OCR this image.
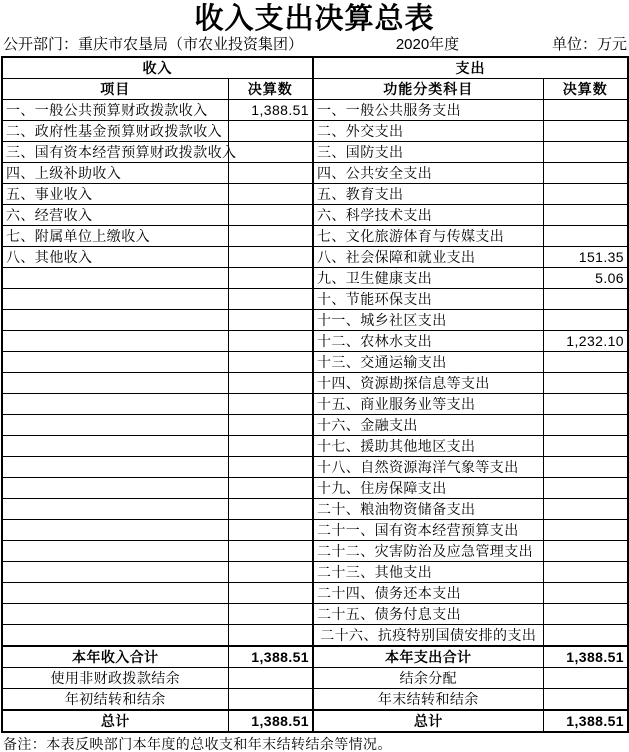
收入支出决算总表
公开部门：重庆市农垦局（市农业投资集团）	2020年度	单位：万元
收入		支出	
项目	决算数	功能分类科目	决算数
一、一般公共预算财政拨款收入	1,388.51	一、一般公共服务支出	
二、政府性基金预算财政拨款收入		二、外交支出	
三、国有资本经营预算财政拨款收入		三、国防支出	
四、上级补助收入		四、公共安全支出	
五、事业收入		五、教育支出	
六、经营收入		六、科学技术支出	
七、附属单位上缴收入		七、文化旅游体育与传媒支出	
八、其他收入		八、社会保障和就业支出	151.35
		九、卫生健康支出	5.06
		十、节能环保支出	
		十一、城乡社区支出	
		十二、农林水支出	1,232.10
		十三、交通运输支出	
		十四、资源勘探信息等支出	
		十五、商业服务业等支出	
		十六、金融支出	
		十七、援助其他地区支出	
		十八、自然资源海洋气象等支出	
		十九、住房保障支出	
		二十、粮油物资储备支出	
		二十一、国有资本经营预算支出	
		二十二、灾害防治及应急管理支出	
		二十三、其他支出	
		二十四、债务还本支出	
		二十五、债务付息支出	
		二十六、抗疫特别国债安排的支出	
本年收入合计	1,388.51	本年支出合计	1,388.51
使用非财政拨款结余		结余分配	
年初结转和结余		年末结转和结余	
总计	1,388.51	总计	1,388.51
备注：本表反映部门本年度的总收支和年末结转结余等情况。
